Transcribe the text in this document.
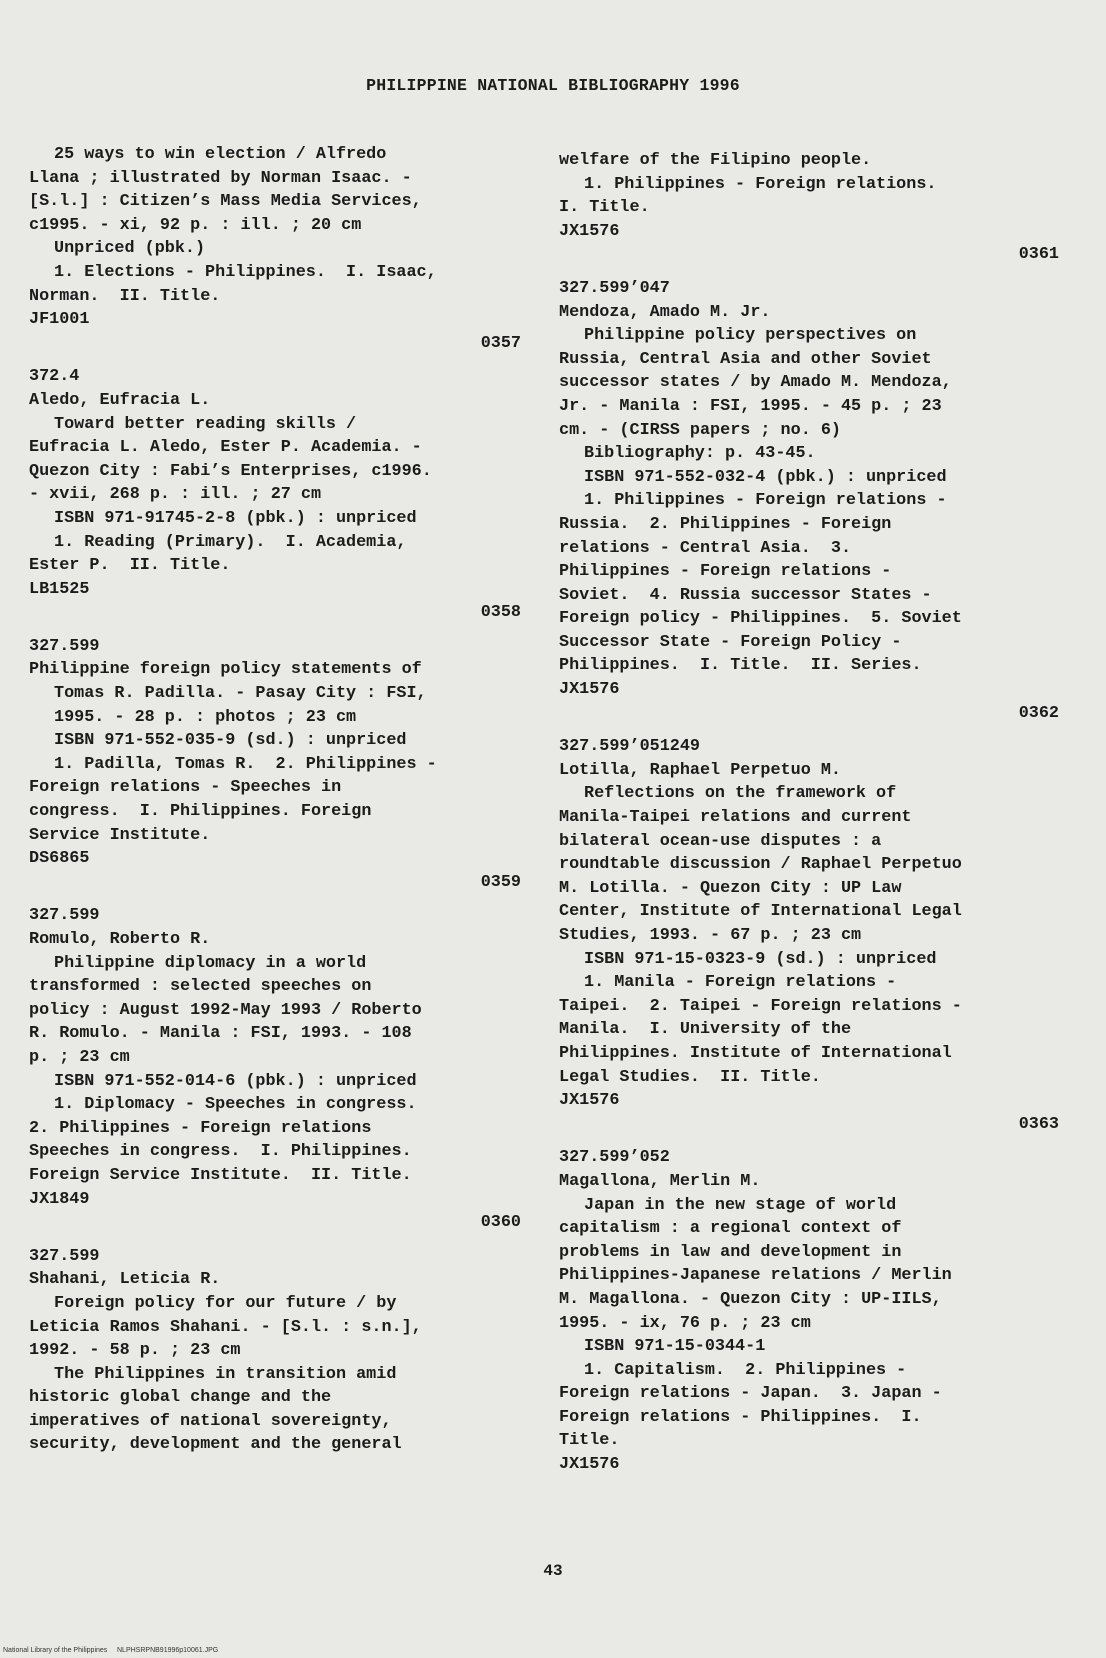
PHILIPPINE NATIONAL BIBLIOGRAPHY 1996
25 ways to win election / Alfredo
Llana ; illustrated by Norman Isaac. -
[S.l.] : Citizen’s Mass Media Services,
c1995. - xi, 92 p. : ill. ; 20 cm
Unpriced (pbk.)
1. Elections - Philippines.  I. Isaac,
Norman.  II. Title.
JF1001
0357
372.4
Aledo, Eufracia L.
Toward better reading skills /
Eufracia L. Aledo, Ester P. Academia. -
Quezon City : Fabi’s Enterprises, c1996.
- xvii, 268 p. : ill. ; 27 cm
ISBN 971-91745-2-8 (pbk.) : unpriced
1. Reading (Primary).  I. Academia,
Ester P.  II. Title.
LB1525
0358
327.599
Philippine foreign policy statements of
Tomas R. Padilla. - Pasay City : FSI,
1995. - 28 p. : photos ; 23 cm
ISBN 971-552-035-9 (sd.) : unpriced
1. Padilla, Tomas R.  2. Philippines -
Foreign relations - Speeches in
congress.  I. Philippines. Foreign
Service Institute.
DS6865
0359
327.599
Romulo, Roberto R.
Philippine diplomacy in a world
transformed : selected speeches on
policy : August 1992-May 1993 / Roberto
R. Romulo. - Manila : FSI, 1993. - 108
p. ; 23 cm
ISBN 971-552-014-6 (pbk.) : unpriced
1. Diplomacy - Speeches in congress.
2. Philippines - Foreign relations
Speeches in congress.  I. Philippines.
Foreign Service Institute.  II. Title.
JX1849
0360
327.599
Shahani, Leticia R.
Foreign policy for our future / by
Leticia Ramos Shahani. - [S.l. : s.n.],
1992. - 58 p. ; 23 cm
The Philippines in transition amid
historic global change and the
imperatives of national sovereignty,
security, development and the general
welfare of the Filipino people.
1. Philippines - Foreign relations.
I. Title.
JX1576
0361
327.599’047
Mendoza, Amado M. Jr.
Philippine policy perspectives on
Russia, Central Asia and other Soviet
successor states / by Amado M. Mendoza,
Jr. - Manila : FSI, 1995. - 45 p. ; 23
cm. - (CIRSS papers ; no. 6)
Bibliography: p. 43-45.
ISBN 971-552-032-4 (pbk.) : unpriced
1. Philippines - Foreign relations -
Russia.  2. Philippines - Foreign
relations - Central Asia.  3.
Philippines - Foreign relations -
Soviet.  4. Russia successor States -
Foreign policy - Philippines.  5. Soviet
Successor State - Foreign Policy -
Philippines.  I. Title.  II. Series.
JX1576
0362
327.599’051249
Lotilla, Raphael Perpetuo M.
Reflections on the framework of
Manila-Taipei relations and current
bilateral ocean-use disputes : a
roundtable discussion / Raphael Perpetuo
M. Lotilla. - Quezon City : UP Law
Center, Institute of International Legal
Studies, 1993. - 67 p. ; 23 cm
ISBN 971-15-0323-9 (sd.) : unpriced
1. Manila - Foreign relations -
Taipei.  2. Taipei - Foreign relations -
Manila.  I. University of the
Philippines. Institute of International
Legal Studies.  II. Title.
JX1576
0363
327.599’052
Magallona, Merlin M.
Japan in the new stage of world
capitalism : a regional context of
problems in law and development in
Philippines-Japanese relations / Merlin
M. Magallona. - Quezon City : UP-IILS,
1995. - ix, 76 p. ; 23 cm
ISBN 971-15-0344-1
1. Capitalism.  2. Philippines -
Foreign relations - Japan.  3. Japan -
Foreign relations - Philippines.  I.
Title.
JX1576
43
National Library of the Philippines     NLPHSRPNB91996p10061.JPG
